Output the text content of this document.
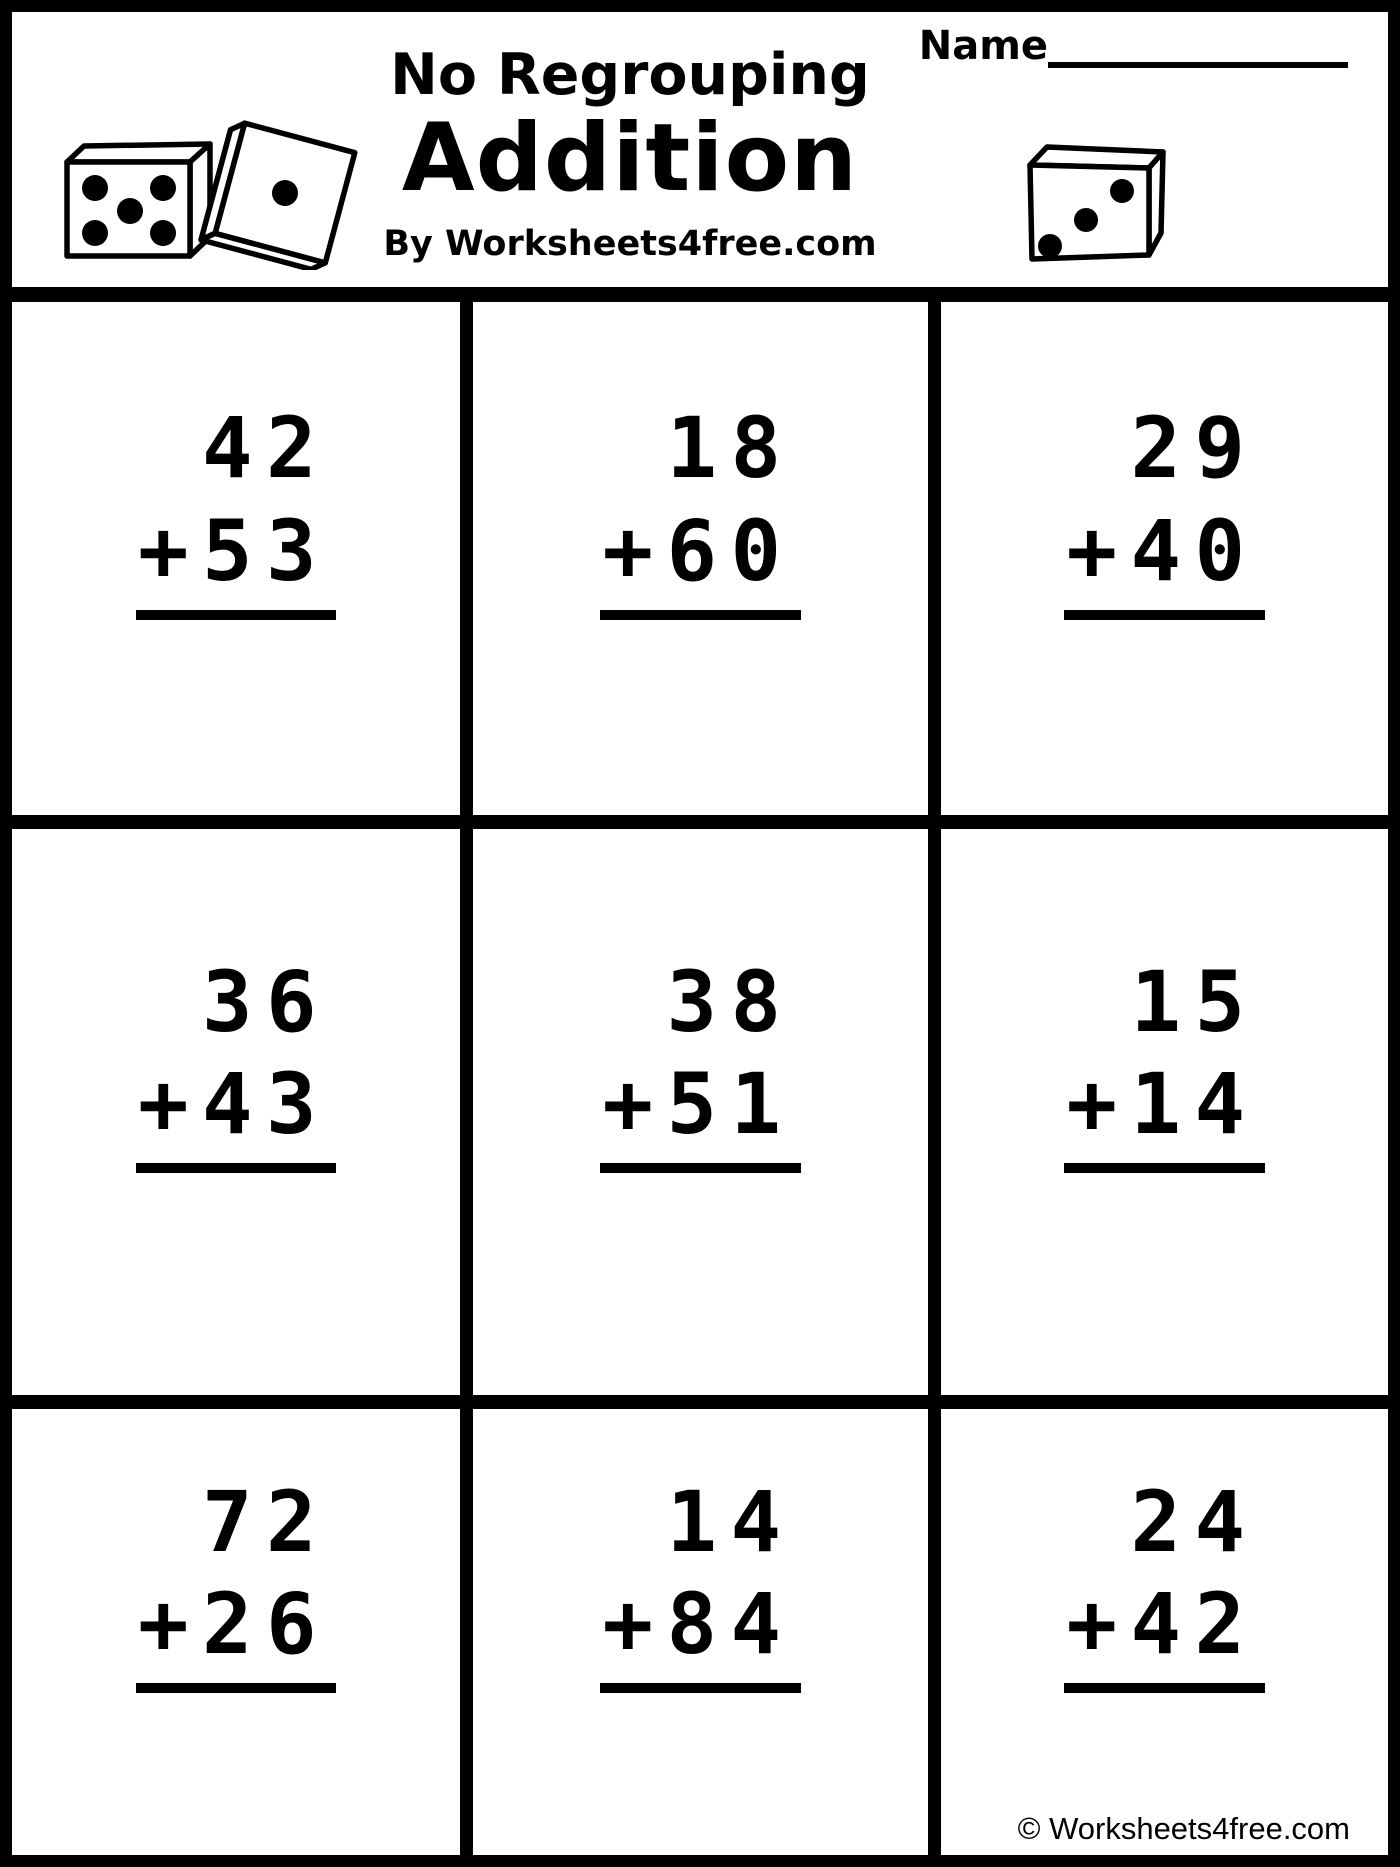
Name
No Regrouping
Addition
By Worksheets4free.com
42
+53
18
+60
29
+40
36
+43
38
+51
15
+14
72
+26
14
+84
24
+42
© Worksheets4free.com
